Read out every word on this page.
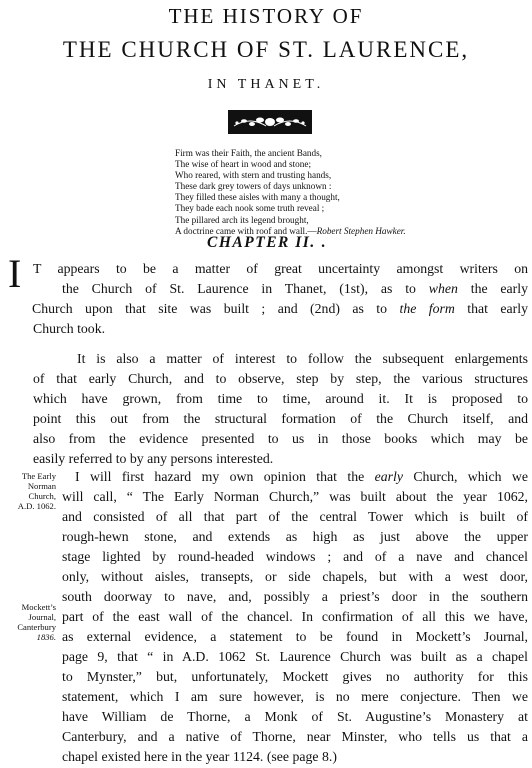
THE HISTORY OF
THE CHURCH OF ST. LAURENCE,
IN THANET.
Firm was their Faith, the ancient Bands,
The wise of heart in wood and stone;
Who reared, with stern and trusting hands,
These dark grey towers of days unknown :
They filled these aisles with many a thought,
They bade each nook some truth reveal ;
The pillared arch its legend brought,
A doctrine came with roof and wall.—Robert Stephen Hawker.
CHAPTER II. .
I T appears to be a matter of great uncertainty amongst writers on
the Church of St. Laurence in Thanet, (1st), as to when the early
Church upon that site was built ; and (2nd) as to the form that early
Church took.
It is also a matter of interest to follow the subsequent enlargements
of that early Church, and to observe, step by step, the various structures
which have grown, from time to time, around it. It is proposed to
point this out from the structural formation of the Church itself, and
also from the evidence presented to us in those books which may be
easily referred to by any persons interested.
The Early
Norman
Church,
A.D. 1062.
Mockett’s
Journal,
Canterbury
1836.
I will first hazard my own opinion that the early Church, which we
will call, “ The Early Norman Church,” was built about the year 1062,
and consisted of all that part of the central Tower which is built of
rough-hewn stone, and extends as high as just above the upper
stage lighted by round-headed windows ; and of a nave and chancel
only, without aisles, transepts, or side chapels, but with a west door,
south doorway to nave, and, possibly a priest’s door in the southern
part of the east wall of the chancel. In confirmation of all this we have,
as external evidence, a statement to be found in Mockett’s Journal,
page 9, that “ in A.D. 1062 St. Laurence Church was built as a chapel
to Mynster,” but, unfortunately, Mockett gives no authority for this
statement, which I am sure however, is no mere conjecture. Then we
have William de Thorne, a Monk of St. Augustine’s Monastery at
Canterbury, and a native of Thorne, near Minster, who tells us that a
chapel existed here in the year 1124. (see page 8.)
